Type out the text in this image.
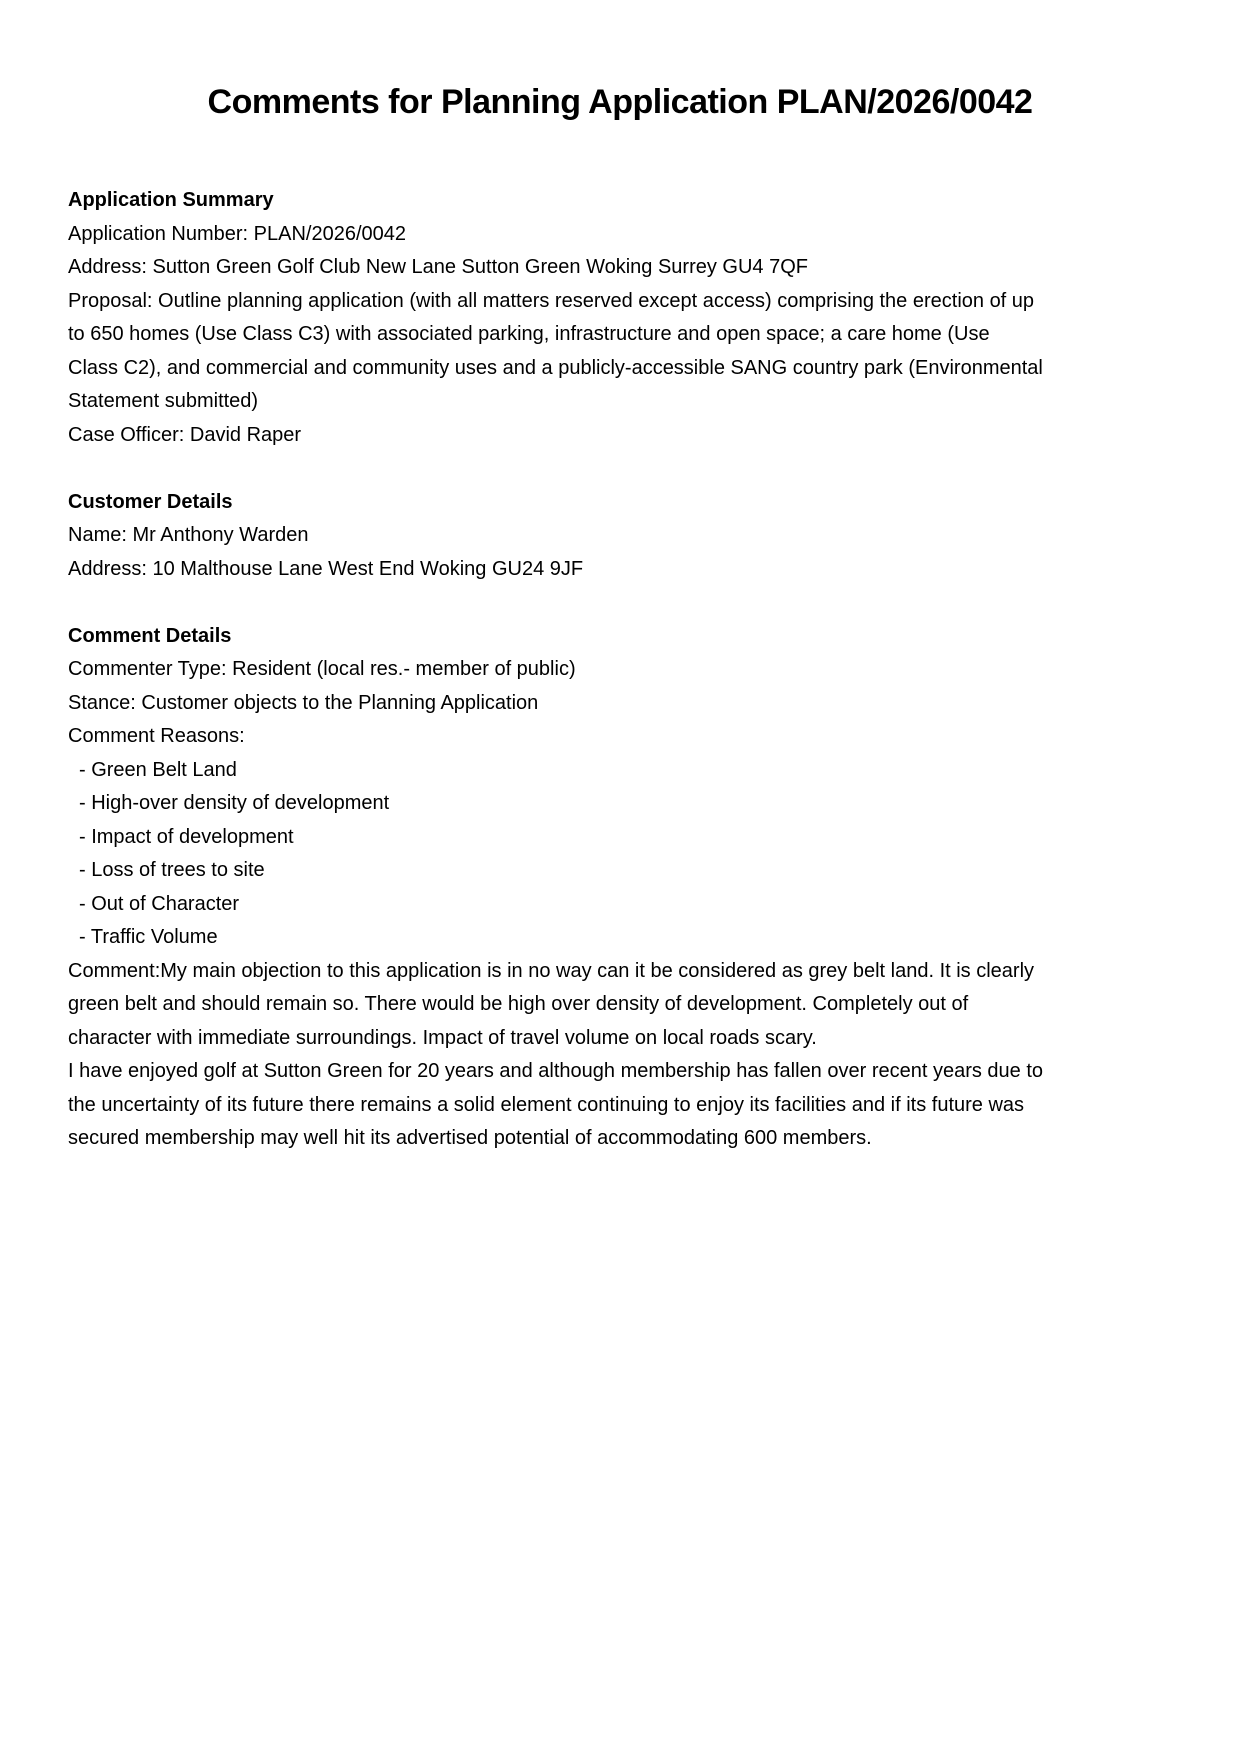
Comments for Planning Application PLAN/2026/0042
Application Summary

Application Number: PLAN/2026/0042

Address: Sutton Green Golf Club New Lane Sutton Green Woking Surrey GU4 7QF

Proposal: Outline planning application (with all matters reserved except access) comprising the erection of up to 650 homes (Use Class C3) with associated parking, infrastructure and open space; a care home (Use Class C2), and commercial and community uses and a publicly-accessible SANG country park (Environmental Statement submitted)

Case Officer: David Raper

Customer Details

Name: Mr Anthony Warden

Address: 10 Malthouse Lane West End Woking GU24 9JF

Comment Details

Commenter Type: Resident (local res.- member of public)

Stance: Customer objects to the Planning Application

Comment Reasons:

- Green Belt Land
- High-over density of development
- Impact of development
- Loss of trees to site
- Out of Character
- Traffic Volume

Comment:My main objection to this application is in no way can it be considered as grey belt land. It is clearly green belt and should remain so. There would be high over density of development. Completely out of character with immediate surroundings. Impact of travel volume on local roads scary.

I have enjoyed golf at Sutton Green for 20 years and although membership has fallen over recent years due to the uncertainty of its future there remains a solid element continuing to enjoy its facilities and if its future was secured membership may well hit its advertised potential of accommodating 600 members.
